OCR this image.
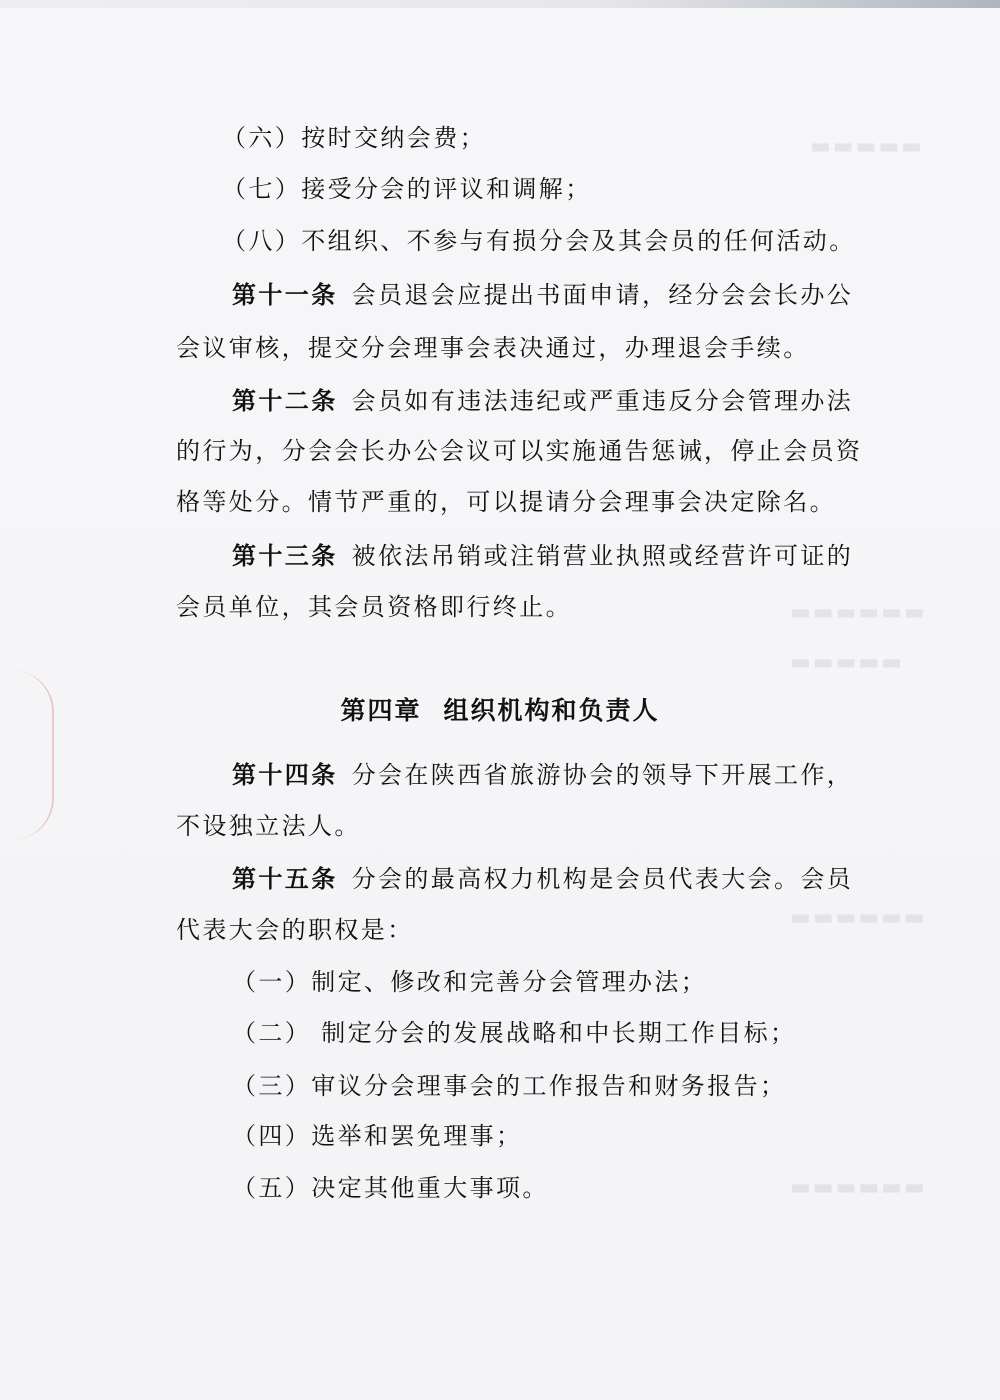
▬▬▬▬▬
▬▬▬▬▬▬
▬▬▬▬▬
▬▬▬▬▬▬
▬▬▬▬▬▬
（六）按时交纳会费；
（七）接受分会的评议和调解；
（八）不组织、不参与有损分会及其会员的任何活动。
第十一条 会员退会应提出书面申请，经分会会长办公
会议审核，提交分会理事会表决通过，办理退会手续。
第十二条 会员如有违法违纪或严重违反分会管理办法
的行为，分会会长办公会议可以实施通告惩诫，停止会员资
格等处分。情节严重的，可以提请分会理事会决定除名。
第十三条 被依法吊销或注销营业执照或经营许可证的
会员单位，其会员资格即行终止。
第四章 组织机构和负责人
第十四条 分会在陕西省旅游协会的领导下开展工作，
不设独立法人。
第十五条 分会的最高权力机构是会员代表大会。会员
代表大会的职权是：
（一）制定、修改和完善分会管理办法；
（二） 制定分会的发展战略和中长期工作目标；
（三）审议分会理事会的工作报告和财务报告；
（四）选举和罢免理事；
（五）决定其他重大事项。
